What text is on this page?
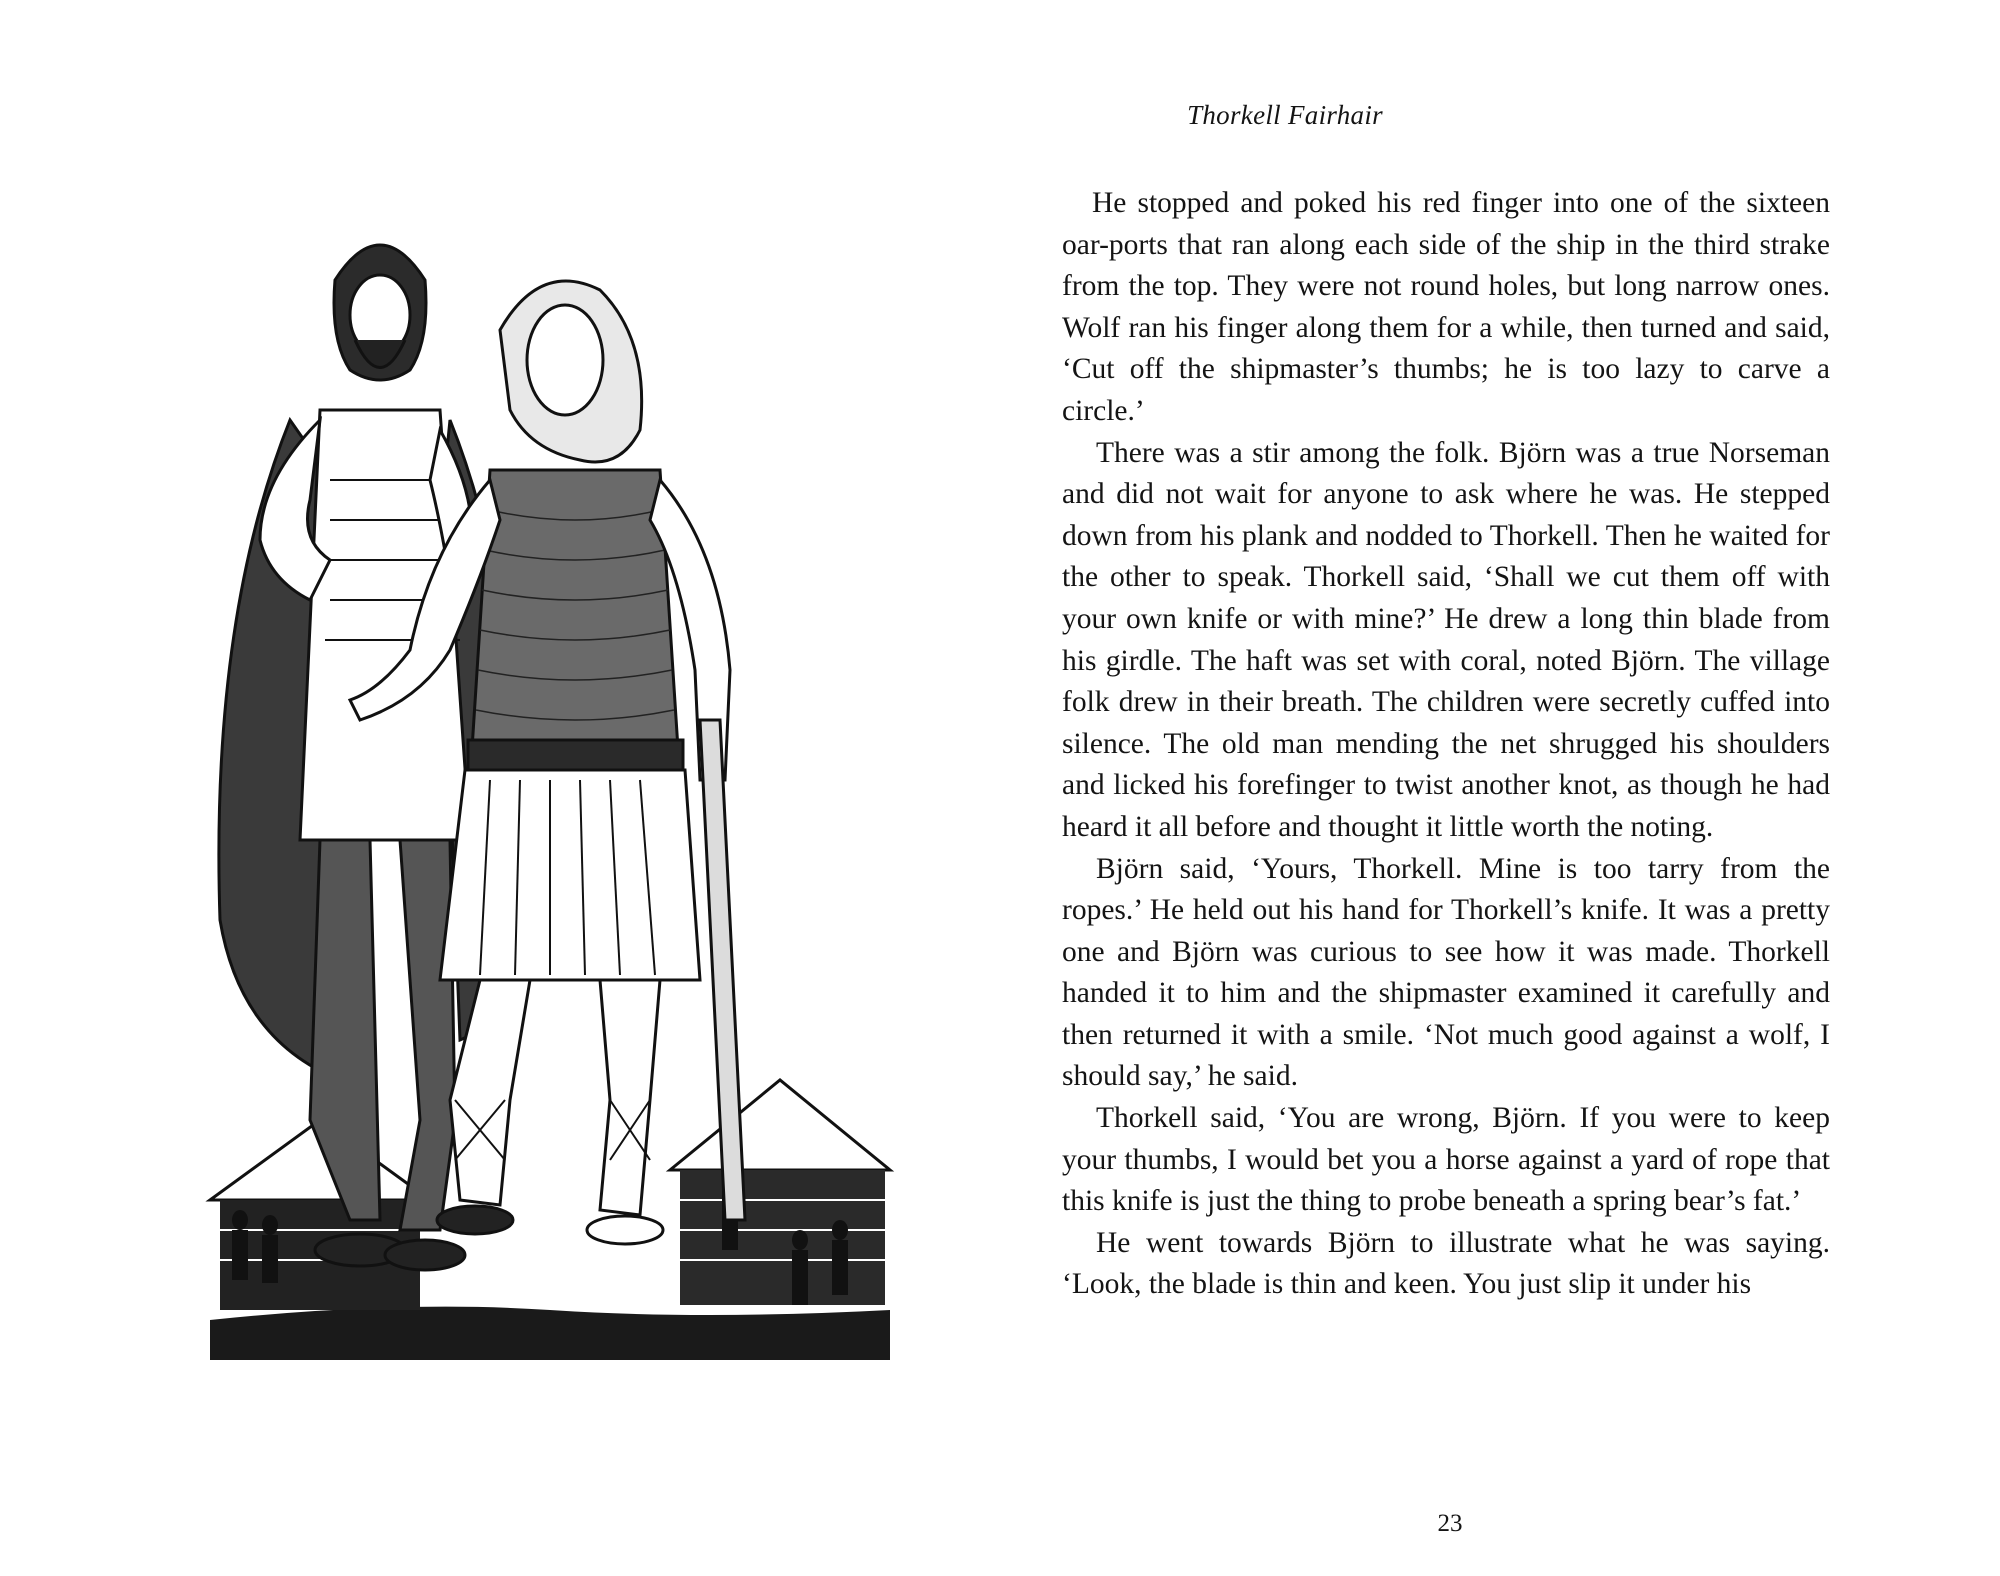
Thorkell Fairhair

He stopped and poked his red finger into one of the sixteen oar-ports that ran along each side of the ship in the third strake from the top. They were not round holes, but long narrow ones. Wolf ran his finger along them for a while, then turned and said, ‘Cut off the shipmaster’s thumbs; he is too lazy to carve a circle.’

There was a stir among the folk. Björn was a true Norseman and did not wait for anyone to ask where he was. He stepped down from his plank and nodded to Thorkell. Then he waited for the other to speak. Thorkell said, ‘Shall we cut them off with your own knife or with mine?’ He drew a long thin blade from his girdle. The haft was set with coral, noted Björn. The village folk drew in their breath. The children were secretly cuffed into silence. The old man mending the net shrugged his shoulders and licked his forefinger to twist another knot, as though he had heard it all before and thought it little worth the noting.

Björn said, ‘Yours, Thorkell. Mine is too tarry from the ropes.’ He held out his hand for Thorkell’s knife. It was a pretty one and Björn was curious to see how it was made. Thorkell handed it to him and the shipmaster examined it carefully and then returned it with a smile. ‘Not much good against a wolf, I should say,’ he said.

Thorkell said, ‘You are wrong, Björn. If you were to keep your thumbs, I would bet you a horse against a yard of rope that this knife is just the thing to probe beneath a spring bear’s fat.’

He went towards Björn to illustrate what he was saying. ‘Look, the blade is thin and keen. You just slip it under his

23
